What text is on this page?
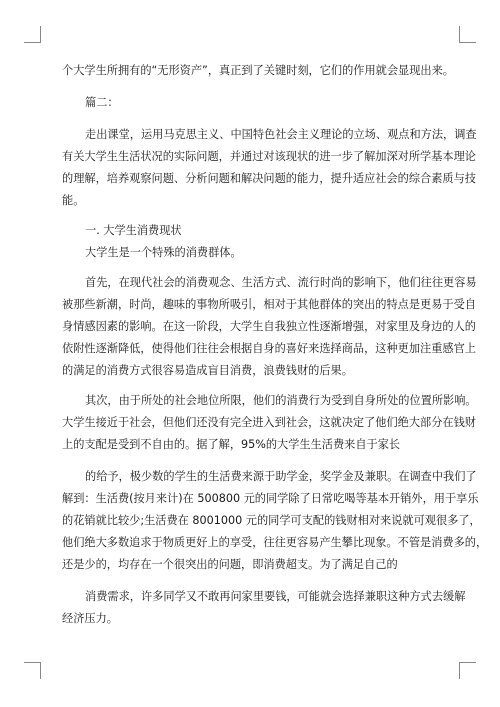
个大学生所拥有的“无形资产”，真正到了关键时刻，它们的作用就会显现出来。
篇二：
走出课堂，运用马克思主义、中国特色社会主义理论的立场、观点和方法，调查
有关大学生生活状况的实际问题，并通过对该现状的进一步了解加深对所学基本理论
的理解，培养观察问题、分析问题和解决问题的能力，提升适应社会的综合素质与技
能。
一. 大学生消费现状
大学生是一个特殊的消费群体。
首先，在现代社会的消费观念、生活方式、流行时尚的影响下，他们往往更容易
被那些新潮，时尚，趣味的事物所吸引，相对于其他群体的突出的特点是更易于受自
身情感因素的影响。在这一阶段，大学生自我独立性逐渐增强，对家里及身边的人的
依附性逐渐降低，使得他们往往会根据自身的喜好来选择商品，这种更加注重感官上
的满足的消费方式很容易造成盲目消费，浪费钱财的后果。
其次，由于所处的社会地位所限，他们的消费行为受到自身所处的位置所影响。
大学生接近于社会，但他们还没有完全进入到社会，这就决定了他们绝大部分在钱财
上的支配是受到不自由的。据了解，95%的大学生生活费来自于家长
的给予，极少数的学生的生活费来源于助学金，奖学金及兼职。在调查中我们了
解到：生活费(按月来计)在 500800 元的同学除了日常吃喝等基本开销外，用于享乐
的花销就比较少;生活费在 8001000 元的同学可支配的钱财相对来说就可观很多了，
他们绝大多数追求于物质更好上的享受，往往更容易产生攀比现象。不管是消费多的，
还是少的，均存在一个很突出的问题，即消费超支。为了满足自己的
消费需求，许多同学又不敢再问家里要钱，可能就会选择兼职这种方式去缓解
经济压力。
